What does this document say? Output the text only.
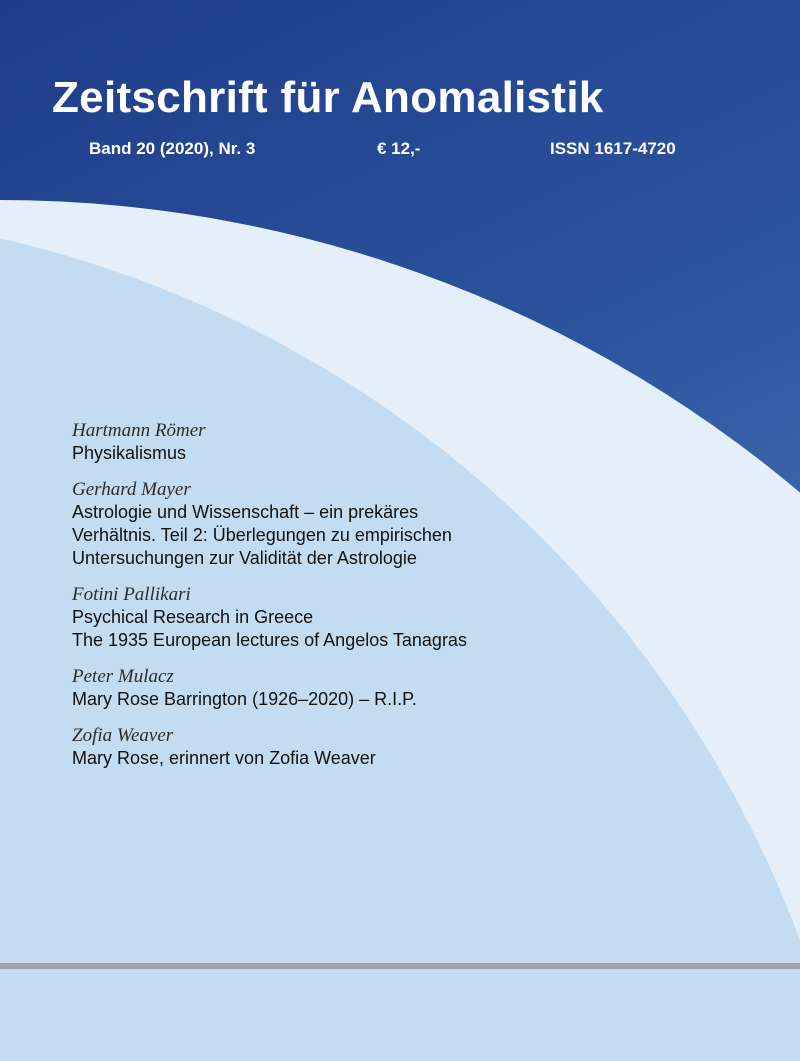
Zeitschrift für Anomalistik
Band 20 (2020), Nr. 3	€ 12,-	ISSN 1617-4720
Hartmann Römer
Physikalismus
Gerhard Mayer
Astrologie und Wissenschaft – ein prekäres
Verhältnis. Teil 2: Überlegungen zu empirischen
Untersuchungen zur Validität der Astrologie
Fotini Pallikari
Psychical Research in Greece
The 1935 European lectures of Angelos Tanagras
Peter Mulacz
Mary Rose Barrington (1926–2020) – R.I.P.
Zofia Weaver
Mary Rose, erinnert von Zofia Weaver
